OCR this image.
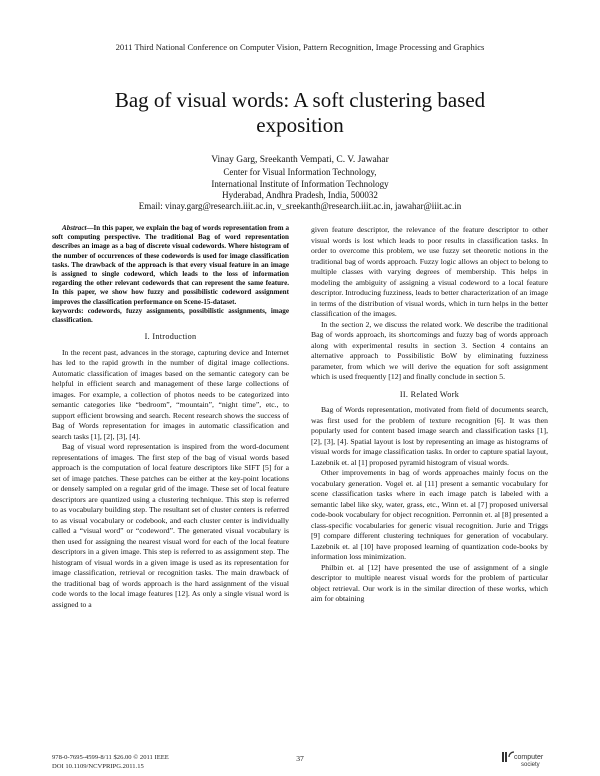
2011 Third National Conference on Computer Vision, Pattern Recognition, Image Processing and Graphics
Bag of visual words: A soft clustering based
exposition
Vinay Garg, Sreekanth Vempati, C. V. Jawahar
Center for Visual Information Technology,
International Institute of Information Technology
Hyderabad, Andhra Pradesh, India, 500032
Email: vinay.garg@research.iiit.ac.in, v_sreekanth@research.iiit.ac.in, jawahar@iiit.ac.in

Abstract—In this paper, we explain the bag of words representation from a soft computing perspective. The traditional Bag of word representation describes an image as a bag of discrete visual codewords. Where histogram of the number of occurrences of these codewords is used for image classification tasks. The drawback of the approach is that every visual feature in an image is assigned to single codeword, which leads to the loss of information regarding the other relevant codewords that can represent the same feature. In this paper, we show how fuzzy and possibilistic codeword assignment improves the classification performance on Scene-15-dataset.

keywords: codewords, fuzzy assignments, possibilistic assignments, image classification.
I. Introduction

In the recent past, advances in the storage, capturing device and Internet has led to the rapid growth in the number of digital image collections. Automatic classification of images based on the semantic category can be helpful in efficient search and management of these large collections of images. For example, a collection of photos needs to be categorized into semantic categories like “bedroom”, “mountain”, “night time”, etc., to support efficient browsing and search. Recent research shows the success of Bag of Words representation for images in automatic classification and search tasks [1], [2], [3], [4].

Bag of visual word representation is inspired from the word-document representations of images. The first step of the bag of visual words based approach is the computation of local feature descriptors like SIFT [5] for a set of image patches. These patches can be either at the key-point locations or densely sampled on a regular grid of the image. These set of local feature descriptors are quantized using a clustering technique. This step is referred to as vocabulary building step. The resultant set of cluster centers is referred to as visual vocabulary or codebook, and each cluster center is individually called a “visual word” or “codeword”. The generated visual vocabulary is then used for assigning the nearest visual word for each of the local feature descriptors in a given image. This step is referred to as assignment step. The histogram of visual words in a given image is used as its representation for image classification, retrieval or recognition tasks. The main drawback of the traditional bag of words approach is the hard assignment of the visual code words to the local image features [12]. As only a single visual word is assigned to a

given feature descriptor, the relevance of the feature descriptor to other visual words is lost which leads to poor results in classification tasks. In order to overcome this problem, we use fuzzy set theoretic notions in the traditional bag of words approach. Fuzzy logic allows an object to belong to multiple classes with varying degrees of membership. This helps in modeling the ambiguity of assigning a visual codeword to a local feature descriptor. Introducing fuzziness, leads to better characterization of an image in terms of the distribution of visual words, which in turn helps in the better classification of the images.

In the section 2, we discuss the related work. We describe the traditional Bag of words approach, its shortcomings and fuzzy bag of words approach along with experimental results in section 3. Section 4 contains an alternative approach to Possibilistic BoW by eliminating fuzziness parameter, from which we will derive the equation for soft assignment which is used frequently [12] and finally conclude in section 5.

II. Related Work

Bag of Words representation, motivated from field of documents search, was first used for the problem of texture recognition [6]. It was then popularly used for content based image search and classification tasks [1], [2], [3], [4]. Spatial layout is lost by representing an image as histograms of visual words for image classification tasks. In order to capture spatial layout, Lazebnik et. al [1] proposed pyramid histogram of visual words.

Other improvements in bag of words approaches mainly focus on the vocabulary generation. Vogel et. al [11] present a semantic vocabulary for scene classification tasks where in each image patch is labeled with a semantic label like sky, water, grass, etc., Winn et. al [7] proposed universal code-book vocabulary for object recognition. Perronnin et. al [8] presented a class-specific vocabularies for generic visual recognition. Jurie and Triggs [9] compare different clustering techniques for generation of vocabulary. Lazebnik et. al [10] have proposed learning of quantization code-books by information loss minimization.

Philbin et. al [12] have presented the use of assignment of a single descriptor to multiple nearest visual words for the problem of particular object retrieval. Our work is in the similar direction of these works, which aim for obtaining

978-0-7695-4599-8/11 $26.00 © 2011 IEEE
DOI 10.1109/NCVPRIPG.2011.15
37	computer
society
